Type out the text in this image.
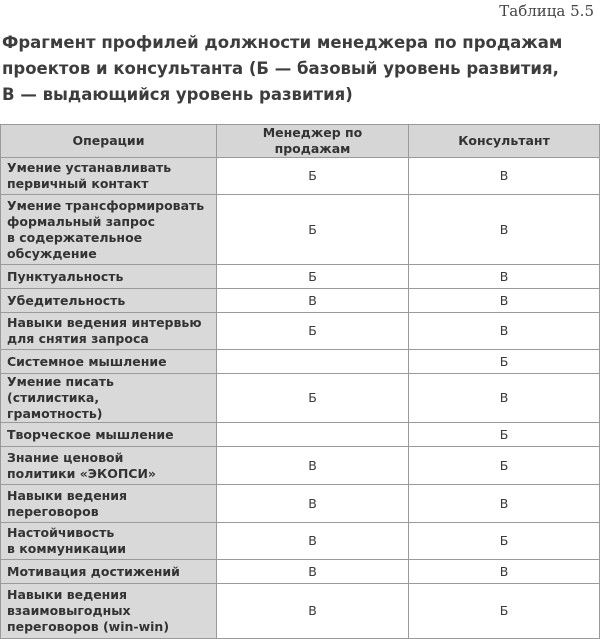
Таблица 5.5

Фрагмент профилей должности менеджера по продажам
проектов и консультанта (Б — базовый уровень развития,
В — выдающийся уровень развития)

Операции	Менеджер по продажам	Консультант
Умение устанавливать
первичный контакт	Б	В
Умение трансформировать
формальный запрос
в содержательное
обсуждение	Б	В
Пунктуальность	Б	В
Убедительность	В	В
Навыки ведения интервью
для снятия запроса	Б	В
Системное мышление		Б
Умение писать (стилистика,
грамотность)	Б	В
Творческое мышление		Б
Знание ценовой
политики «ЭКОПСИ»	В	Б
Навыки ведения
переговоров	В	В
Настойчивость
в коммуникации	В	Б
Мотивация достижений	В	В
Навыки ведения
взаимовыгодных
переговоров (win-win)	В	Б
